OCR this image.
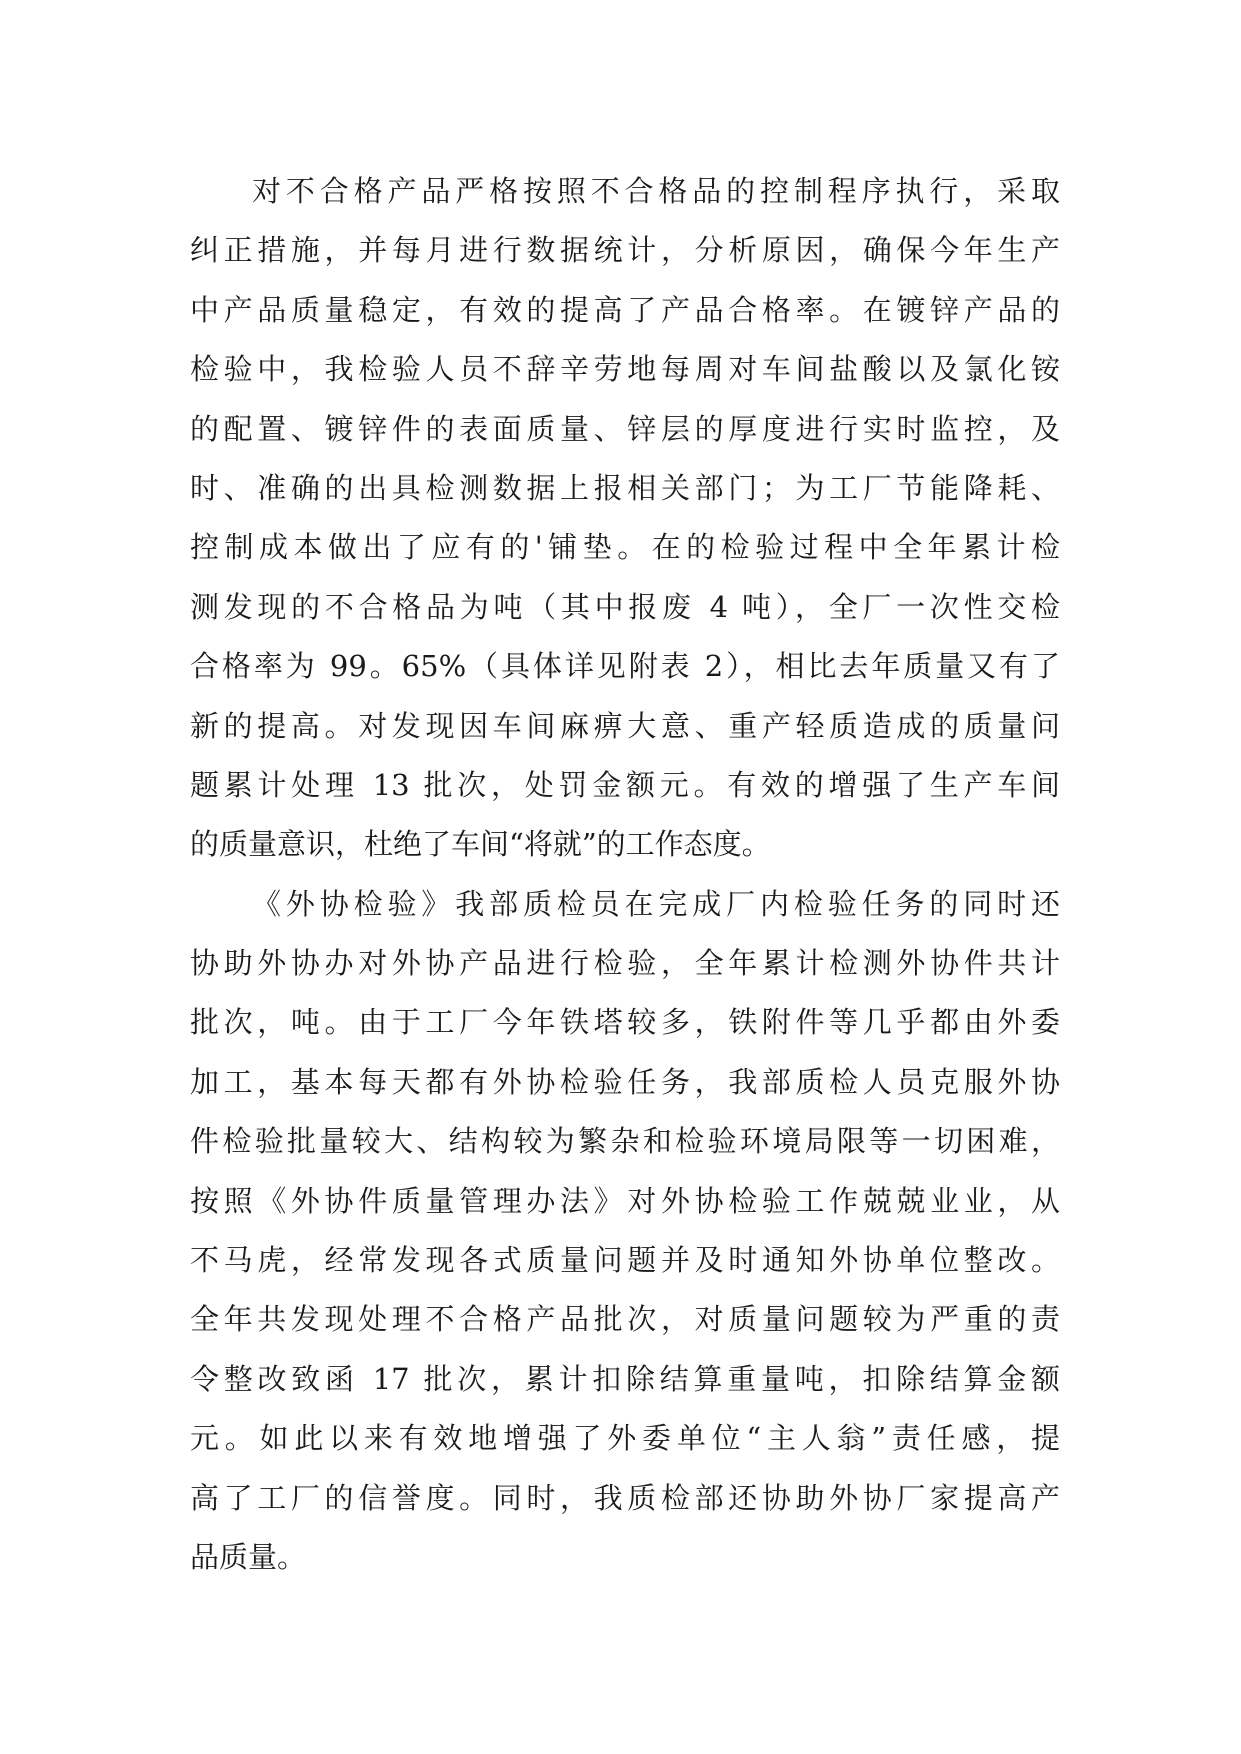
对不合格产品严格按照不合格品的控制程序执行，采取
纠正措施，并每月进行数据统计，分析原因，确保今年生产
中产品质量稳定，有效的提高了产品合格率。在镀锌产品的
检验中，我检验人员不辞辛劳地每周对车间盐酸以及氯化铵
的配置、镀锌件的表面质量、锌层的厚度进行实时监控，及
时、准确的出具检测数据上报相关部门；为工厂节能降耗、
控制成本做出了应有的'铺垫。在的检验过程中全年累计检
测发现的不合格品为吨（其中报废 4 吨），全厂一次性交检
合格率为 99。65%（具体详见附表 2），相比去年质量又有了
新的提高。对发现因车间麻痹大意、重产轻质造成的质量问
题累计处理 13 批次，处罚金额元。有效的增强了生产车间
的质量意识，杜绝了车间“将就”的工作态度。
《外协检验》我部质检员在完成厂内检验任务的同时还
协助外协办对外协产品进行检验，全年累计检测外协件共计
批次，吨。由于工厂今年铁塔较多，铁附件等几乎都由外委
加工，基本每天都有外协检验任务，我部质检人员克服外协
件检验批量较大、结构较为繁杂和检验环境局限等一切困难，
按照《外协件质量管理办法》对外协检验工作兢兢业业，从
不马虎，经常发现各式质量问题并及时通知外协单位整改。
全年共发现处理不合格产品批次，对质量问题较为严重的责
令整改致函 17 批次，累计扣除结算重量吨，扣除结算金额
元。如此以来有效地增强了外委单位“主人翁”责任感，提
高了工厂的信誉度。同时，我质检部还协助外协厂家提高产
品质量。
